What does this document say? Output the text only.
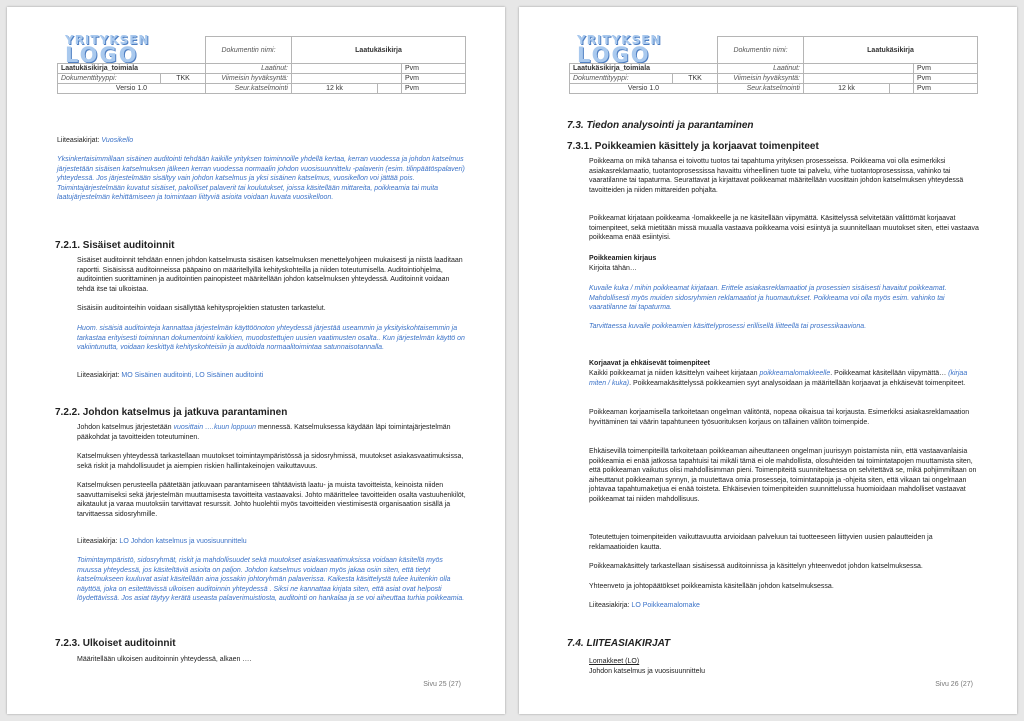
YRITYKSEN
LOGO
		Dokumentin nimi:	Laatukäsikirja		
Laatukäsikirja_toimiala		Laatinut:			Pvm
Dokumenttityyppi:	TKK	Viimeisin hyväksyntä:			Pvm
Versio 1.0		Seur.katselmointi	12 kk		Pvm

Liiteasiakirjat: Vuosikello

Yksinkertaisimmillaan sisäinen auditointi tehdään kaikille yrityksen toiminnoille yhdellä kertaa, kerran vuodessa ja johdon katselmus järjestetään sisäisen katselmuksen jälkeen kerran vuodessa normaalin johdon vuosisuunnittelu -palaverin (esim. tilinpäätöspalaveri) yhteydessä. Jos järjestelmään sisältyy vain johdon katselmus ja yksi sisäinen katselmus, vuosikellon voi jättää pois. Toimintajärjestelmään kuvatut sisäiset, pakolliset palaverit tai koulutukset, joissa käsitellään mittareita, poikkeamia tai muita laatujärjestelmän kehittämiseen ja toimintaan liittyviä asioita voidaan kuvata vuosikelloon.

7.2.1. Sisäiset auditoinnit

Sisäiset auditoinnit tehdään ennen johdon katselmusta sisäisen katselmuksen menettelyohjeen mukaisesti ja niistä laaditaan raportti. Sisäisissä auditoinneissa pääpaino on määritellyillä kehityskohteilla ja niiden toteutumisella. Auditointiohjelma, auditointien suorittaminen ja auditointien painopisteet määritellään johdon katselmuksen yhteydessä. Auditoinnit voidaan tehdä itse tai ulkoistaa.

Sisäisiin auditointeihin voidaan sisällyttää kehitysprojektien statusten tarkastelut.

Huom. sisäisiä auditointeja kannattaa järjestelmän käyttöönoton yhteydessä järjestää useammin ja yksityiskohtaisemmin ja tarkastaa erityisesti toiminnan dokumentointi kaikkien, muodostettujen uusien vaatimusten osalta.. Kun järjestelmän käyttö on vakiintunutta, voidaan keskittyä kehityskohteisiin ja auditoida normaalitoimintaa satunnaisotannalla.

Liiteasiakirjat: MO Sisäinen auditointi, LO Sisäinen auditointi

7.2.2. Johdon katselmus ja jatkuva parantaminen

Johdon katselmus järjestetään vuosittain ….kuun loppuun mennessä. Katselmuksessa käydään läpi toimintajärjestelmän pääkohdat ja tavoitteiden toteutuminen.

Katselmuksen yhteydessä tarkastellaan muutokset toimintaympäristössä ja sidosryhmissä, muutokset asiakasvaatimuksissa, sekä riskit ja mahdollisuudet ja aiempien riskien hallintakeinojen vaikuttavuus.

Katselmuksen perusteella päätetään jatkuvaan parantamiseen tähtäävistä laatu- ja muista tavoitteista, keinoista niiden saavuttamiseksi sekä järjestelmän muuttamisesta tavoitteita vastaavaksi. Johto määrittelee tavoitteiden osalta vastuuhenkilöt, aikataulut ja varaa muutoksiin tarvittavat resurssit. Johto huolehtii myös tavoitteiden viestimisestä organisaation sisällä ja tarvittaessa sidosryhmille.

Liiteasiakirja: LO Johdon katselmus ja vuosisuunnittelu

Toimintaympäristö, sidosryhmät, riskit ja mahdollisuudet sekä muutokset asiakasvaatimuksissa voidaan käsitellä myös muussa yhteydessä, jos käsiteltäviä asioita on paljon. Johdon katselmus voidaan myös jakaa osiin siten, että tietyt katselmukseen kuuluvat asiat käsitellään aina jossakin johtoryhmän palaverissa. Kaikesta käsittelystä tulee kuitenkin olla näyttöä, joka on esitettävissä ulkoisen auditoinnin yhteydessä . Siksi ne kannattaa kirjata siten, että asiat ovat helposti löydettävissä. Jos asiat täytyy kerätä useasta palaverimuistiosta, auditointi on hankalaa ja se voi aiheuttaa turhia poikkeamia.

7.2.3. Ulkoiset auditoinnit

Määritellään ulkoisen auditoinnin yhteydessä, alkaen ….

Sivu 25 (27)
YRITYKSEN
LOGO
		Dokumentin nimi:	Laatukäsikirja		
Laatukäsikirja_toimiala		Laatinut:			Pvm
Dokumenttityyppi:	TKK	Viimeisin hyväksyntä:			Pvm
Versio 1.0		Seur.katselmointi	12 kk		Pvm
7.3. Tiedon analysointi ja parantaminen
7.3.1. Poikkeamien käsittely ja korjaavat toimenpiteet

Poikkeama on mikä tahansa ei toivottu tuotos tai tapahtuma yrityksen prosesseissa. Poikkeama voi olla esimerkiksi asiakasreklamaatio, tuotantoprosessissa havaittu virheellinen tuote tai palvelu, virhe tuotantoprosessissa, vahinko tai vaaratilanne tai tapaturma. Seurattavat ja kirjattavat poikkeamat määritellään vuosittain johdon katselmuksen yhteydessä tavoitteiden ja niiden mittareiden pohjalta.

Poikkeamat kirjataan poikkeama -lomakkeelle ja ne käsitellään viipymättä. Käsittelyssä selvitetään välittömät korjaavat toimenpiteet, sekä mietitään missä muualla vastaava poikkeama voisi esiintyä ja suunnitellaan muutokset siten, ettei vastaava poikkeama enää esiintyisi.

Poikkeamien kirjaus

Kirjoita tähän…

Kuvaile kuka / mihin poikkeamat kirjataan. Erittele asiakasreklamaatiot ja prosessien sisäisesti havaitut poikkeamat. Mahdollisesti myös muiden sidosryhmien reklamaatiot ja huomautukset. Poikkeama voi olla myös esim. vahinko tai vaaratilanne tai tapaturma.

Tarvittaessa kuvaile poikkeamien käsittelyprosessi erillisellä liitteellä tai prosessikaaviona.

Korjaavat ja ehkäisevät toimenpiteet

Kaikki poikkeamat ja niiden käsittelyn vaiheet kirjataan poikkeamalomakkeelle. Poikkeamat käsitellään viipymättä… (kirjaa miten / kuka). Poikkeamakäsittelyssä poikkeamien syyt analysoidaan ja määritellään korjaavat ja ehkäisevät toimenpiteet.

Poikkeaman korjaamisella tarkoitetaan ongelman välitöntä, nopeaa oikaisua tai korjausta. Esimerkiksi asiakasreklamaation hyvittäminen tai väärin tapahtuneen työsuorituksen korjaus on tällainen välitön toimenpide.

Ehkäisevillä toimenpiteillä tarkoitetaan poikkeaman aiheuttaneen ongelman juurisyyn poistamista niin, että vastaavanlaisia poikkeamia ei enää jatkossa tapahtuisi tai mikäli tämä ei ole mahdollista, olosuhteiden tai toimintatapojen muuttamista siten, että poikkeaman vaikutus olisi mahdollisimman pieni. Toimenpiteitä suunniteltaessa on selvitettävä se, mikä pohjimmiltaan on aiheuttanut poikkeaman synnyn, ja muutettava omia prosesseja, toimintatapoja ja -ohjeita siten, että vikaan tai ongelmaan johtavaa tapahtumaketjua ei enää toisteta. Ehkäisevien toimenpiteiden suunnittelussa huomioidaan mahdolliset vastaavat poikkeamat tai niiden mahdollisuus.

Toteutettujen toimenpiteiden vaikuttavuutta arvioidaan palveluun tai tuotteeseen liittyvien uusien palautteiden ja reklamaatioiden kautta.

Poikkeamakäsittely tarkastellaan sisäisessä auditoinnissa ja käsittelyn yhteenvedot johdon katselmuksessa.

Yhteenveto ja johtopäätökset poikkeamista käsitellään johdon katselmuksessa.

Liiteasiakirja: LO Poikkeamalomake

7.4. LIITEASIAKIRJAT

Lomakkeet (LO)

Johdon katselmus ja vuosisuunnittelu

Sivu 26 (27)
